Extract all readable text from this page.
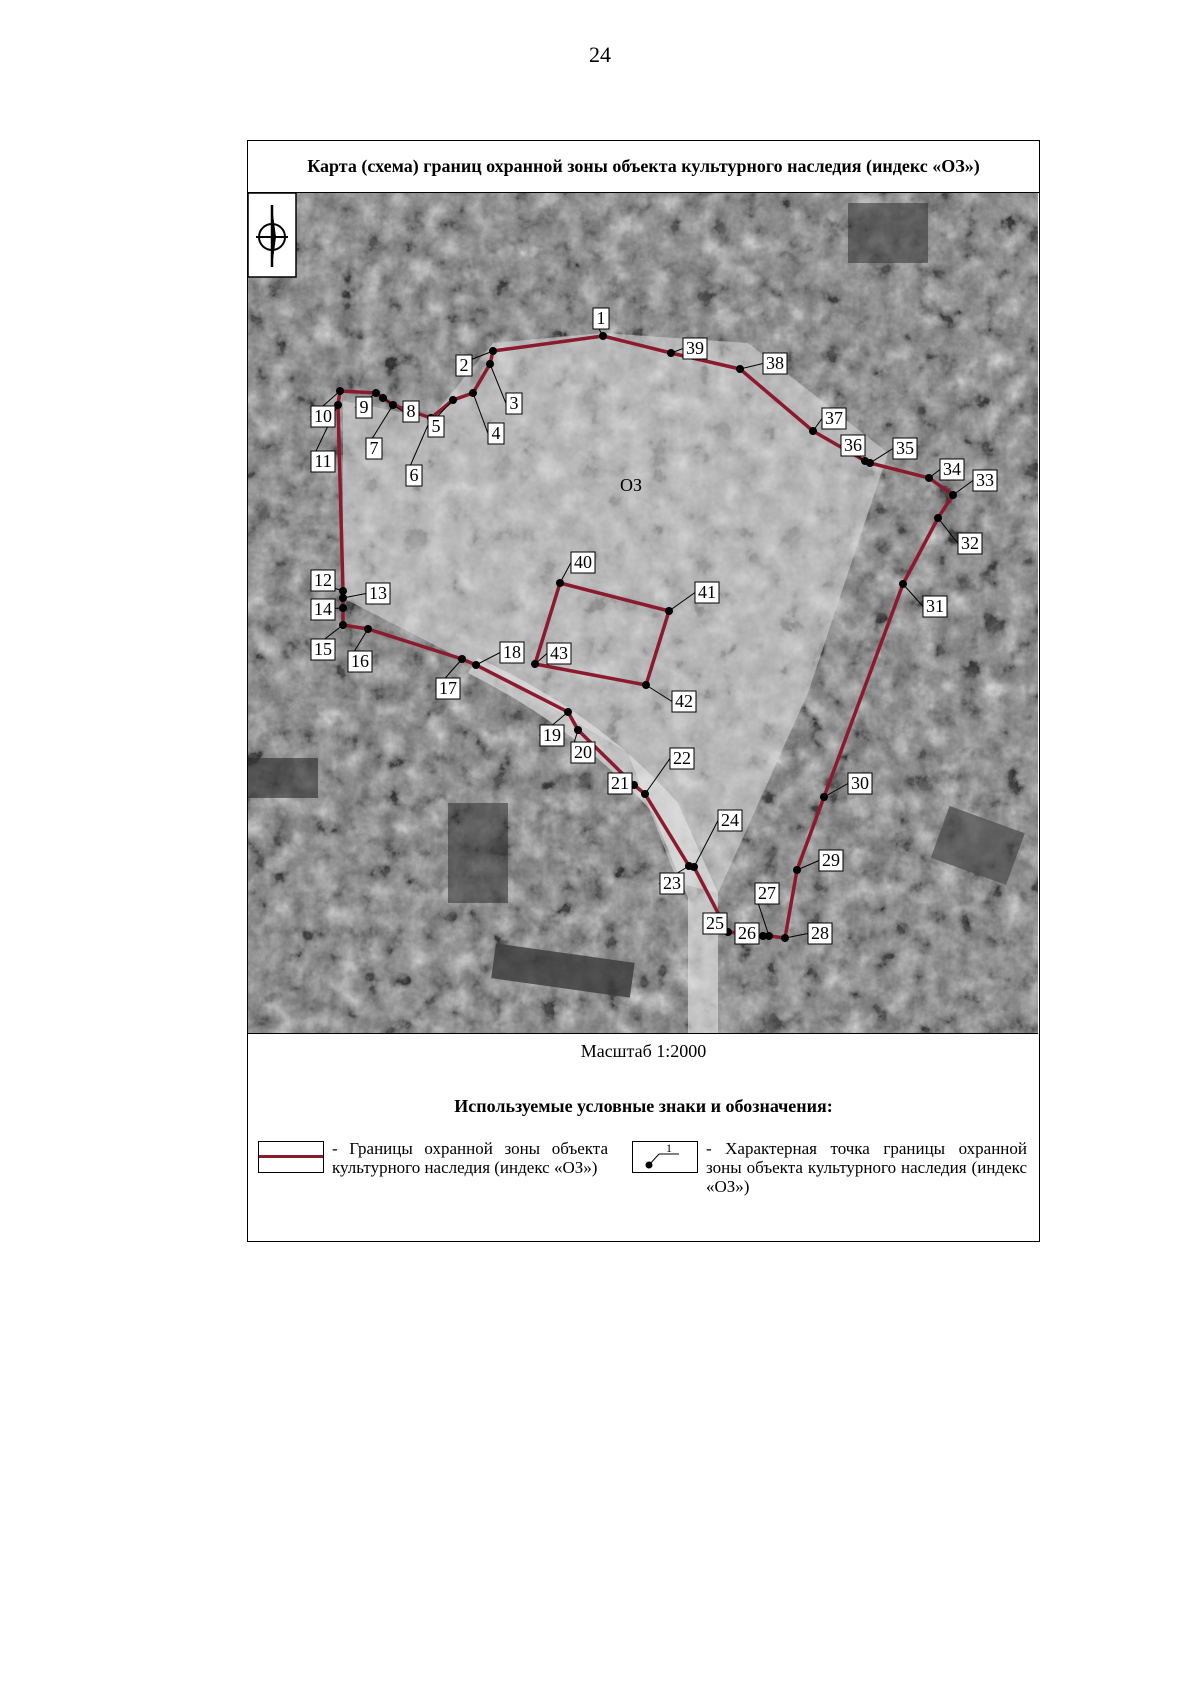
24
Карта (схема) границ охранной зоны объекта культурного наследия (индекс «ОЗ»)
1
39
38
37
36 35
34
33
32
31
30
29
28
27
26
25
24
23
22
21
20
19
18
17
16
15
14
13
12
11
10 9 8
7
6
5	4
3
2
40
41
42
43
ОЗ
Масштаб 1:2000
Используемые условные знаки и обозначения:
- Границы охранной зоны объекта культурного наследия (индекс «ОЗ»)
1 - Характерная точка границы охранной зоны объекта культурного наследия (индекс «ОЗ»)
